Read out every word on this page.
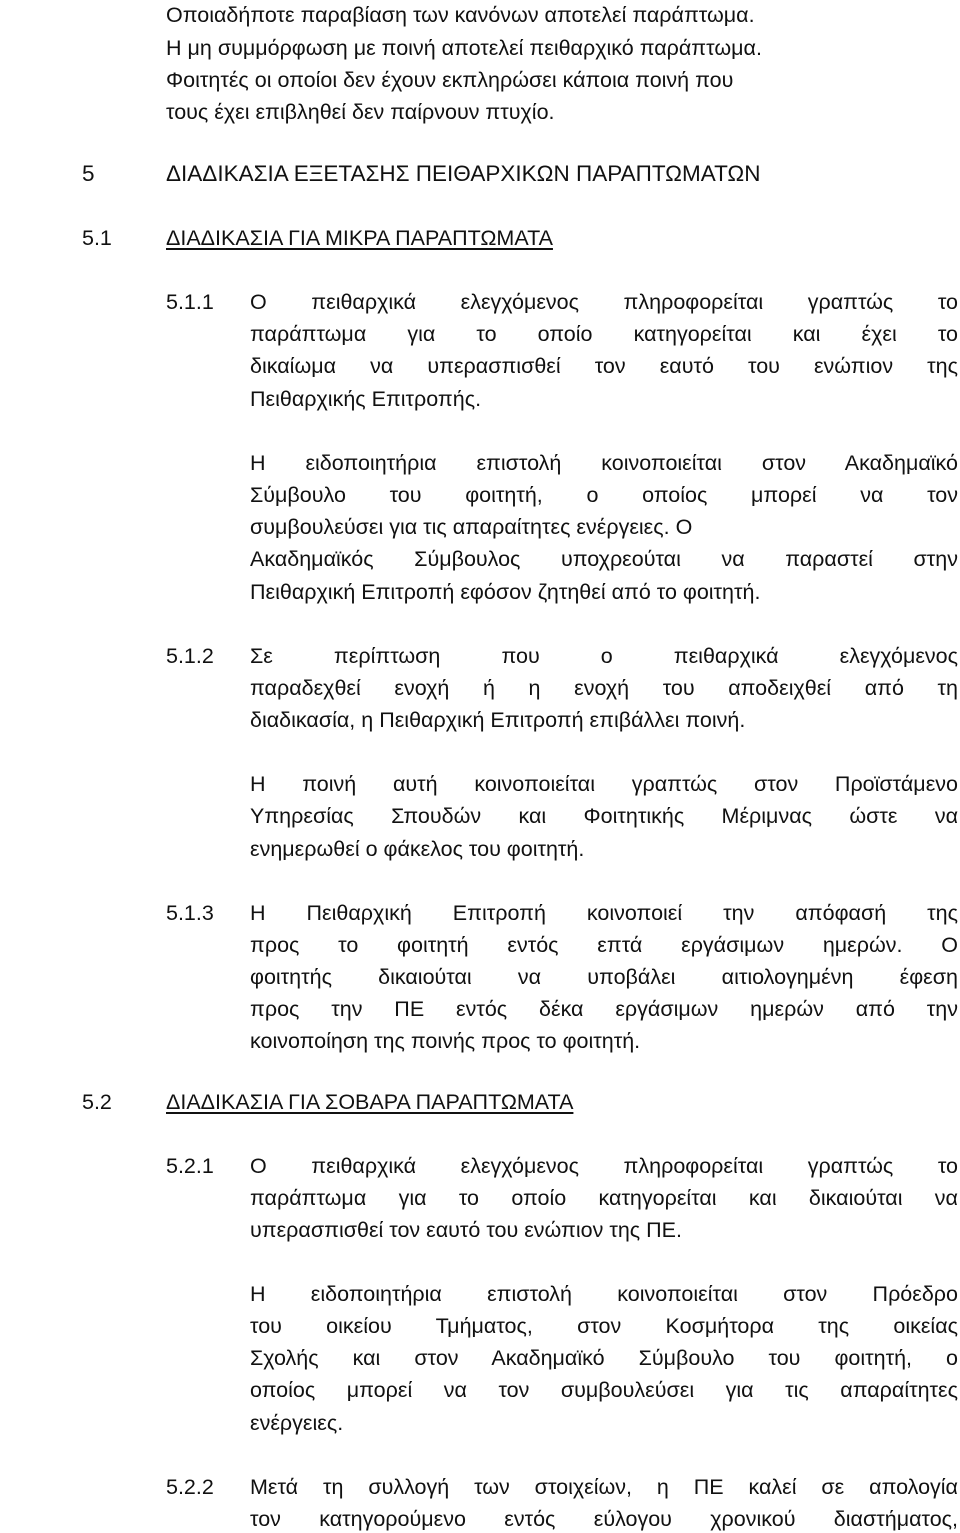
Οποιαδήποτε παραβίαση των κανόνων αποτελεί παράπτωμα.
Η μη συμμόρφωση με ποινή αποτελεί πειθαρχικό παράπτωμα.
Φοιτητές οι οποίοι δεν έχουν εκπληρώσει κάποια ποινή που
τους έχει επιβληθεί δεν παίρνουν πτυχίο.
5	ΔΙΑΔΙΚΑΣΙΑ ΕΞΕΤΑΣΗΣ ΠΕΙΘΑΡΧΙΚΩΝ ΠΑΡΑΠΤΩΜΑΤΩΝ
5.1	ΔΙΑΔΙΚΑΣΙΑ ΓΙΑ ΜΙΚΡΑ ΠΑΡΑΠΤΩΜΑΤΑ
5.1.1 Ο πειθαρχικά ελεγχόμενος πληροφορείται γραπτώς το
παράπτωμα για το οποίο κατηγορείται και έχει το
δικαίωμα να υπερασπισθεί τον εαυτό του ενώπιον της
Πειθαρχικής Επιτροπής.
Η ειδοποιητήρια επιστολή κοινοποιείται στον Ακαδημαϊκό
Σύμβουλο του φοιτητή, ο οποίος μπορεί να τον
συμβουλεύσει για τις απαραίτητες ενέργειες. Ο
Ακαδημαϊκός Σύμβουλος υποχρεούται να παραστεί στην
Πειθαρχική Επιτροπή εφόσον ζητηθεί από το φοιτητή.
5.1.2 Σε περίπτωση που ο πειθαρχικά ελεγχόμενος
παραδεχθεί ενοχή ή η ενοχή του αποδειχθεί από τη
διαδικασία, η Πειθαρχική Επιτροπή επιβάλλει ποινή.
Η ποινή αυτή κοινοποιείται γραπτώς στον Προϊστάμενο
Υπηρεσίας Σπουδών και Φοιτητικής Μέριμνας ώστε να
ενημερωθεί ο φάκελος του φοιτητή.
5.1.3 Η Πειθαρχική Επιτροπή κοινοποιεί την απόφασή της
προς το φοιτητή εντός επτά εργάσιμων ημερών. Ο
φοιτητής δικαιούται να υποβάλει αιτιολογημένη έφεση
προς την ΠΕ εντός δέκα εργάσιμων ημερών από την
κοινοποίηση της ποινής προς το φοιτητή.
5.2	ΔΙΑΔΙΚΑΣΙΑ ΓΙΑ ΣΟΒΑΡΑ ΠΑΡΑΠΤΩΜΑΤΑ
5.2.1 Ο πειθαρχικά ελεγχόμενος πληροφορείται γραπτώς το
παράπτωμα για το οποίο κατηγορείται και δικαιούται να
υπερασπισθεί τον εαυτό του ενώπιον της ΠΕ.
Η ειδοποιητήρια επιστολή κοινοποιείται στον Πρόεδρο
του οικείου Τμήματος, στον Κοσμήτορα της οικείας
Σχολής και στον Ακαδημαϊκό Σύμβουλο του φοιτητή, ο
οποίος μπορεί να τον συμβουλεύσει για τις απαραίτητες
ενέργειες.
5.2.2 Μετά τη συλλογή των στοιχείων, η ΠΕ καλεί σε απολογία
τον κατηγορούμενο εντός εύλογου χρονικού διαστήματος,
